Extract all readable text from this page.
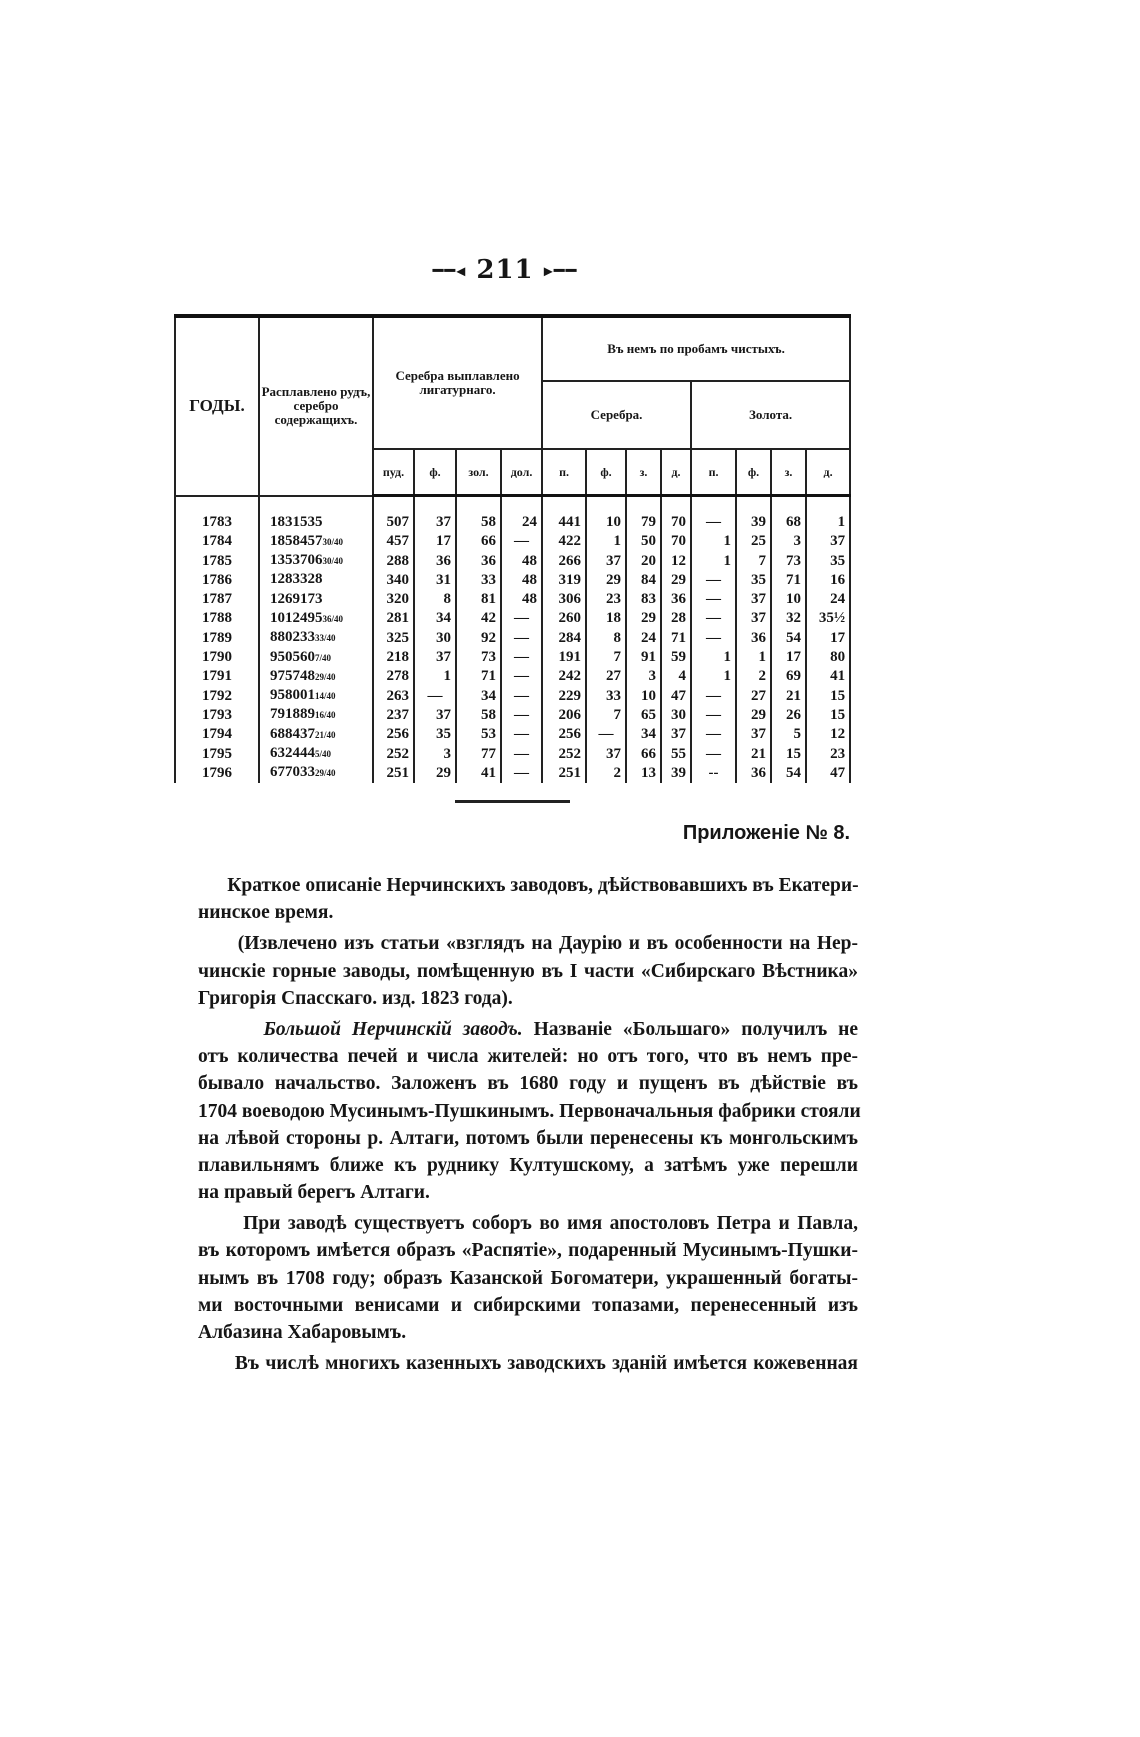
━━◂ 211 ▸━━
ГОДЫ.	Расплавлено рудъ, серебро содержащихъ.	Серебра выплавлено лигатурнаго.				Въ немъ по пробамъ чистыхъ.							
						Серебра.				Золота.			
		пуд.	ф.	зол.	дол.	п.	ф.	з.	д.	п.	ф.	з.	д.
1783	1831535	507	37	58	24	441	10	79	70	—	39	68	1
1784	185845730/40	457	17	66	—	422	1	50	70	1	25	3	37
1785	135370630/40	288	36	36	48	266	37	20	12	1	7	73	35
1786	1283328	340	31	33	48	319	29	84	29	—	35	71	16
1787	1269173	320	8	81	48	306	23	83	36	—	37	10	24
1788	101249536/40	281	34	42	—	260	18	29	28	—	37	32	35½
1789	88023333/40	325	30	92	—	284	8	24	71	—	36	54	17
1790	9505607/40	218	37	73	—	191	7	91	59	1	1	17	80
1791	97574829/40	278	1	71	—	242	27	3	4	1	2	69	41
1792	95800114/40	263	—	34	—	229	33	10	47	—	27	21	15
1793	79188916/40	237	37	58	—	206	7	65	30	—	29	26	15
1794	68843721/40	256	35	53	—	256	—	34	37	—	37	5	12
1795	6324445/40	252	3	77	—	252	37	66	55	—	21	15	23
1796	67703329/40	251	29	41	—	251	2	13	39	--	36	54	47
Приложеніе № 8.
Краткое описаніе Нерчинскихъ заводовъ, дѣйствовавшихъ въ Екатери-
нинское время.
(Извлечено изъ статьи «взглядъ на Даурію и въ особенности на Нер-
чинскіе горные заводы, помѣщенную въ I части «Сибирскаго Вѣстника»
Григорія Спасскаго. изд. 1823 года).
Большой Нерчинскій заводъ. Названіе «Большаго» получилъ не
отъ количества печей и числа жителей: но отъ того, что въ немъ пре-
бывало начальство. Заложенъ въ 1680 году и пущенъ въ дѣйствіе въ
1704 воеводою Мусинымъ-Пушкинымъ. Первоначальныя фабрики стояли
на лѣвой стороны р. Алтаги, потомъ были перенесены къ монгольскимъ
плавильнямъ ближе къ руднику Култушскому, а затѣмъ уже перешли
на правый берегъ Алтаги.
При заводѣ существуетъ соборъ во имя апостоловъ Петра и Павла,
въ которомъ имѣется образъ «Распятіе», подаренный Мусинымъ-Пушки-
нымъ въ 1708 году; образъ Казанской Богоматери, украшенный богаты-
ми восточными венисами и сибирскими топазами, перенесенный изъ
Албазина Хабаровымъ.
Въ числѣ многихъ казенныхъ заводскихъ зданій имѣется кожевенная
